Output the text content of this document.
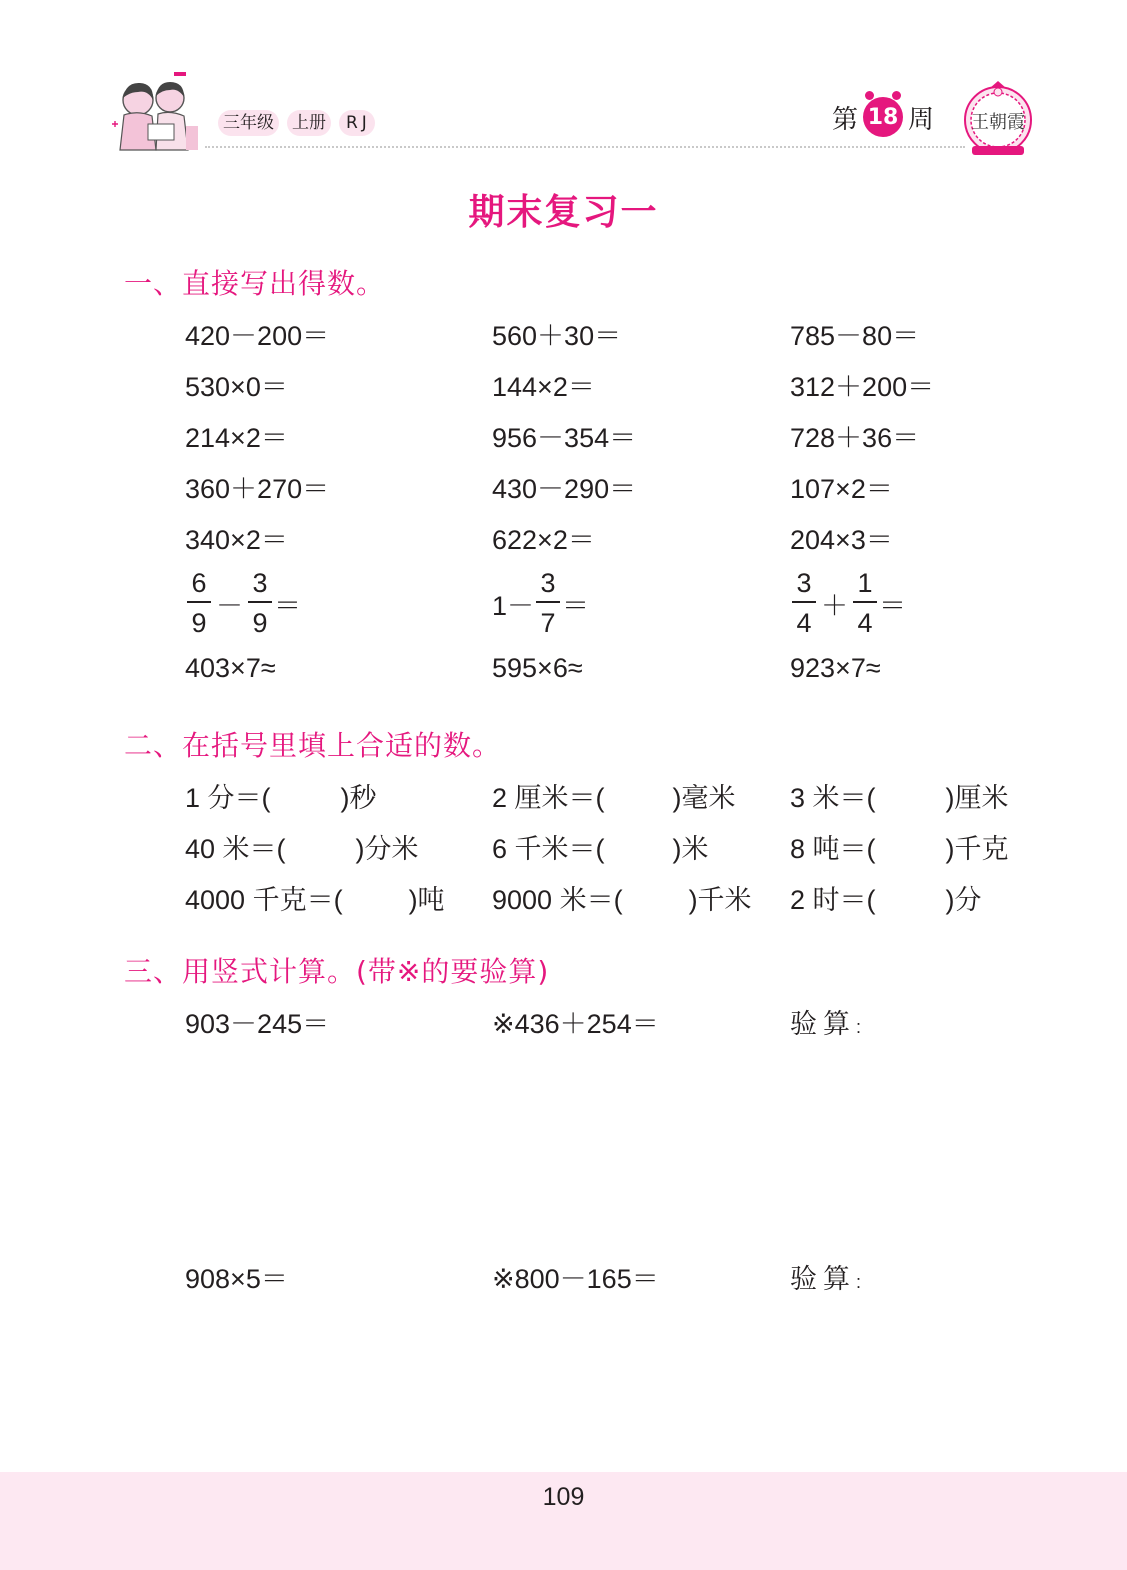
三年级 上册	RJ	第 18 周 王朝霞
期末复习一
一、直接写出得数。
420－200＝	560＋30＝	785－80＝
530×0＝	144×2＝	312＋200＝
214×2＝	956－354＝	728＋36＝
360＋270＝	430－290＝	107×2＝
340×2＝	622×2＝	204×3＝
$\frac{6}{9} - \frac{3}{9}$ ＝	$1- \frac{3}{7}$ ＝	$\frac{3}{4} + \frac{1}{4}$ ＝
403×7≈	595×6≈	923×7≈
二、在括号里填上合适的数。
1 分＝(	)秒	2 厘米＝(	)毫米 3 米＝(	)厘米
40 米＝(	)分米	6 千米＝(	)米	8 吨＝(	)千克
4000 千克＝( )吨 9000 米＝( )千米 2 时＝(	)分
三、用竖式计算。(带※的要验算)
903－245＝	※436＋254＝	验算:
908×5＝	※800－165＝	验算:
109
